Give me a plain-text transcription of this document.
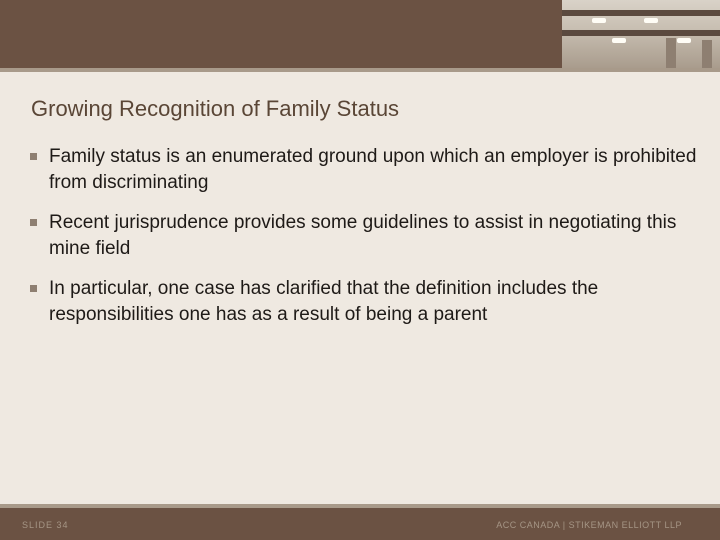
Growing Recognition of Family Status
Family status is an enumerated ground upon which an employer is prohibited from discriminating
Recent jurisprudence provides some guidelines to assist in negotiating this mine field
In particular, one case has clarified that the definition includes the responsibilities one has as a result of being a parent
SLIDE 34	ACC CANADA | STIKEMAN ELLIOTT LLP
